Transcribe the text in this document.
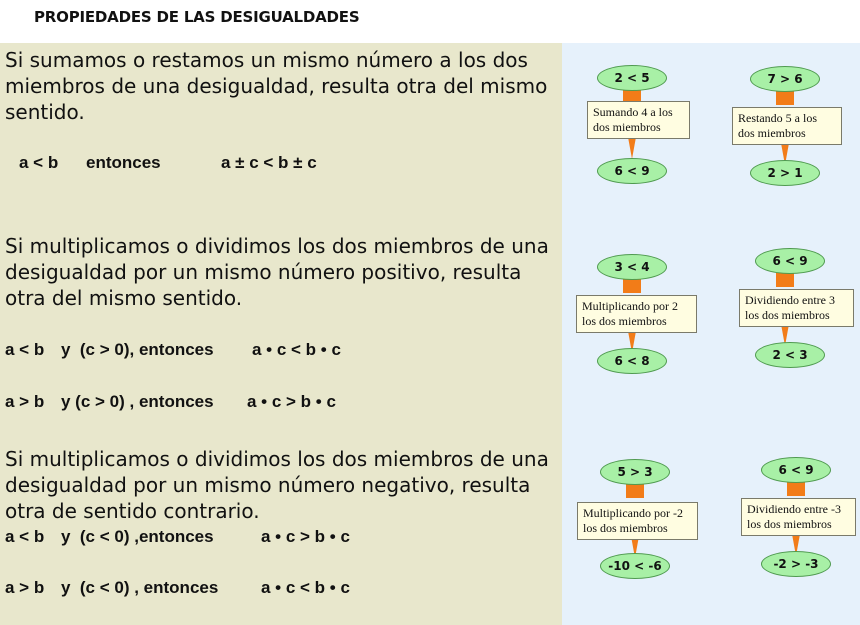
PROPIEDADES DE LAS DESIGUALDADES
Si sumamos o restamos un mismo número a los dos miembros de una desigualdad, resulta otra del mismo sentido.
a < b entonces	a ± c < b ± c
Si multiplicamos o dividimos los dos miembros de una desigualdad por un mismo número positivo, resulta otra del mismo sentido.
a < b y  (c > 0), entonces a • c < b • c
a > b y (c > 0) , entonces a • c > b • c
Si multiplicamos o dividimos los dos miembros de una desigualdad por un mismo número negativo, resulta otra de sentido contrario.
a < b y  (c < 0) ,entonces	a • c > b • c
a > b y  (c < 0) , entonces	a • c < b • c
2 < 5
Sumando 4 a los dos miembros
6 < 9
7 > 6
Restando 5 a los dos miembros
2 > 1
3 < 4
Multiplicando por 2 los dos miembros
6 < 8
6 < 9
Dividiendo entre 3 los dos miembros
2 < 3
5 > 3
Multiplicando por -2 los dos miembros
-10 < -6
6 < 9
Dividiendo entre -3 los dos miembros
-2 > -3
